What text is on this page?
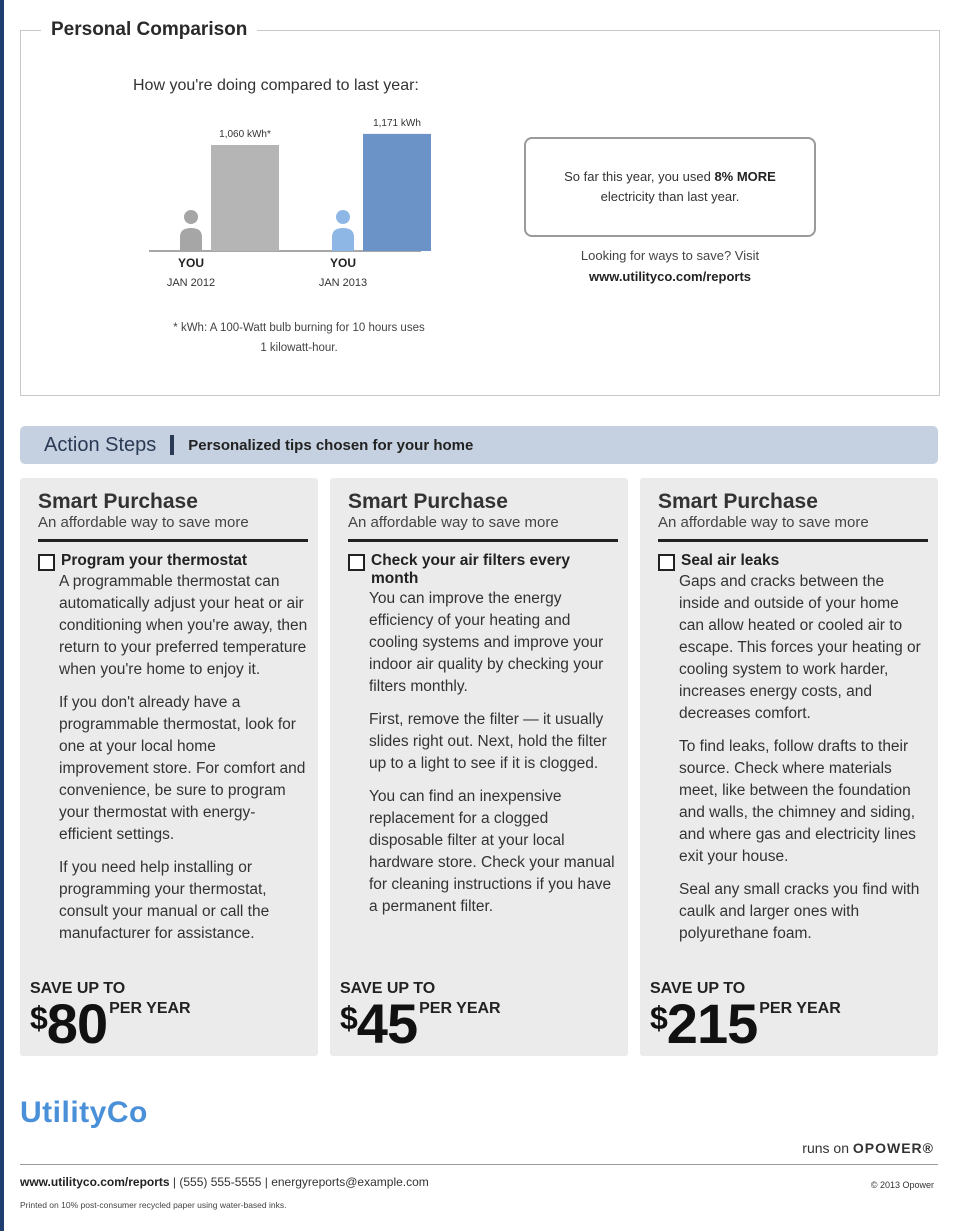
Personal Comparison
How you're doing compared to last year:
1,060 kWh*
YOU
JAN 2012
1,171 kWh
YOU
JAN 2013
So far this year, you used 8% MORE electricity than last year.
Looking for ways to save? Visit
www.utilityco.com/reports
* kWh: A 100-Watt bulb burning for 10 hours uses
1 kilowatt-hour.
Action Steps Personalized tips chosen for your home
Smart Purchase
An affordable way to save more
Program your thermostat

A programmable thermostat can automatically adjust your heat or air conditioning when you're away, then return to your preferred temperature when you're home to enjoy it.

If you don't already have a programmable thermostat, look for one at your local home improvement store. For comfort and convenience, be sure to program your thermostat with energy-efficient settings.

If you need help installing or programming your thermostat, consult your manual or call the manufacturer for assistance.

SAVE UP TO
$80 PER YEAR
Smart Purchase
An affordable way to save more
Check your air filters every month

You can improve the energy efficiency of your heating and cooling systems and improve your indoor air quality by checking your filters monthly.

First, remove the filter — it usually slides right out. Next, hold the filter up to a light to see if it is clogged.

You can find an inexpensive replacement for a clogged disposable filter at your local hardware store. Check your manual for cleaning instructions if you have a permanent filter.

SAVE UP TO
$45 PER YEAR
Smart Purchase
An affordable way to save more
Seal air leaks

Gaps and cracks between the inside and outside of your home can allow heated or cooled air to escape. This forces your heating or cooling system to work harder, increases energy costs, and decreases comfort.

To find leaks, follow drafts to their source. Check where materials meet, like between the foundation and walls, the chimney and siding, and where gas and electricity lines exit your house.

Seal any small cracks you find with caulk and larger ones with polyurethane foam.

SAVE UP TO
$215 PER YEAR
UtilityCo
runs on OPOWER®
www.utilityco.com/reports | (555) 555-5555 | energyreports@example.com	© 2013 Opower
Printed on 10% post-consumer recycled paper using water-based inks.
